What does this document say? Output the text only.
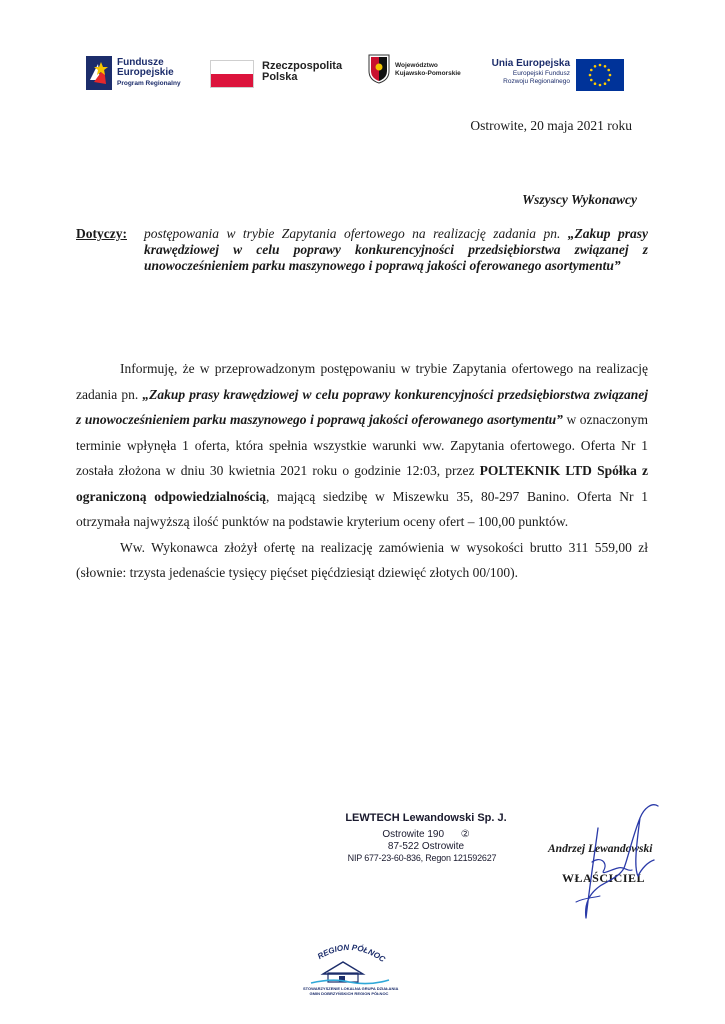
Fundusze
Europejskie
Program Regionalny
Rzeczpospolita
Polska
Województwo
Kujawsko-Pomorskie
Unia Europejska
Europejski Fundusz
Rozwoju Regionalnego
Ostrowite, 20 maja 2021 roku
Wszyscy Wykonawcy
Dotyczy: postępowania w trybie Zapytania ofertowego na realizację zadania pn. „Zakup prasy krawędziowej w celu poprawy konkurencyjności przedsiębiorstwa związanej z unowocześnieniem parku maszynowego i poprawą jakości oferowanego asortymentu”

Informuję, że w przeprowadzonym postępowaniu w trybie Zapytania ofertowego na realizację zadania pn. „Zakup prasy krawędziowej w celu poprawy konkurencyjności przedsiębiorstwa związanej z unowocześnieniem parku maszynowego i poprawą jakości oferowanego asortymentu” w oznaczonym terminie wpłynęła 1 oferta, która spełnia wszystkie warunki ww. Zapytania ofertowego. Oferta Nr 1 została złożona w dniu 30 kwietnia 2021 roku o godzinie 12:03, przez POLTEKNIK LTD Spółka z ograniczoną odpowiedzialnością, mającą siedzibę w Miszewku 35, 80-297 Banino. Oferta Nr 1 otrzymała najwyższą ilość punktów na podstawie kryterium oceny ofert – 100,00 punktów.

Ww. Wykonawca złożył ofertę na realizację zamówienia w wysokości brutto 311 559,00 zł (słownie: trzysta jedenaście tysięcy pięćset pięćdziesiąt dziewięć złotych 00/100).

LEWTECH Lewandowski Sp. J.
Ostrowite 190 ②
87-522 Ostrowite
NIP 677-23-60-836, Regon 121592627
Andrzej Lewandowski
WŁAŚCICIEL
REGION PÓŁNOC
STOWARZYSZENIE LOKALNA GRUPA DZIAŁANIA
GMIN DOBRZYŃSKICH REGION PÓŁNOC
